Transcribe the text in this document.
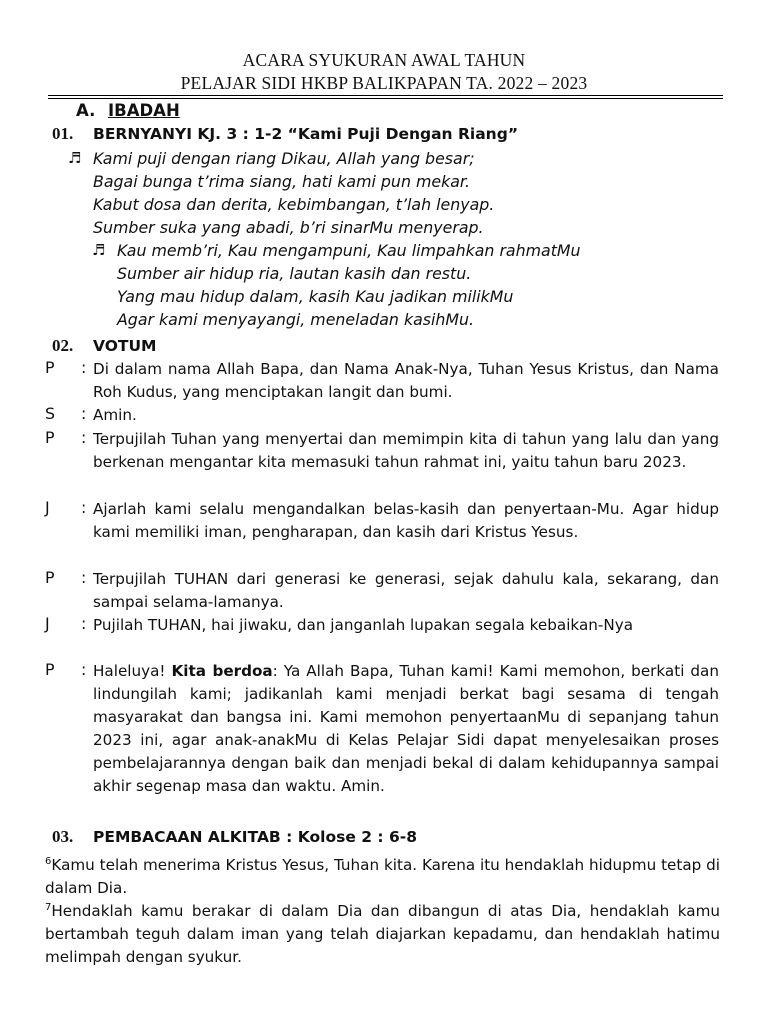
ACARA SYUKURAN AWAL TAHUN
PELAJAR SIDI HKBP BALIKPAPAN TA. 2022 – 2023
A. IBADAH
01. BERNYANYI KJ. 3 : 1-2 “Kami Puji Dengan Riang”
♬ Kami puji dengan riang Dikau, Allah yang besar;
Bagai bunga t’rima siang, hati kami pun mekar.
Kabut dosa dan derita, kebimbangan, t’lah lenyap.
Sumber suka yang abadi, b’ri sinarMu menyerap.
♬ Kau memb’ri, Kau mengampuni, Kau limpahkan rahmatMu
Sumber air hidup ria, lautan kasih dan restu.
Yang mau hidup dalam, kasih Kau jadikan milikMu
Agar kami menyayangi, meneladan kasihMu.
02. VOTUM
P : Di dalam nama Allah Bapa, dan Nama Anak-Nya, Tuhan Yesus Kristus, dan Nama Roh Kudus, yang menciptakan langit dan bumi.

S : Amin.

P : Terpujilah Tuhan yang menyertai dan memimpin kita di tahun yang lalu dan yang berkenan mengantar kita memasuki tahun rahmat ini, yaitu tahun baru 2023.

J : Ajarlah kami selalu mengandalkan belas-kasih dan penyertaan-Mu. Agar hidup kami memiliki iman, pengharapan, dan kasih dari Kristus Yesus.

P : Terpujilah TUHAN dari generasi ke generasi, sejak dahulu kala, sekarang, dan sampai selama-lamanya.

J : Pujilah TUHAN, hai jiwaku, dan janganlah lupakan segala kebaikan-Nya

P : Haleluya! Kita berdoa: Ya Allah Bapa, Tuhan kami! Kami memohon, berkati dan lindungilah kami; jadikanlah kami menjadi berkat bagi sesama di tengah masyarakat dan bangsa ini. Kami memohon penyertaanMu di sepanjang tahun 2023 ini, agar anak-anakMu di Kelas Pelajar Sidi dapat menyelesaikan proses pembelajarannya dengan baik dan menjadi bekal di dalam kehidupannya sampai akhir segenap masa dan waktu. Amin.

03. PEMBACAAN ALKITAB : Kolose 2 : 6-8

$^6$Kamu telah menerima Kristus Yesus, Tuhan kita. Karena itu hendaklah hidupmu tetap di dalam Dia.

$^7$Hendaklah kamu berakar di dalam Dia dan dibangun di atas Dia, hendaklah kamu bertambah teguh dalam iman yang telah diajarkan kepadamu, dan hendaklah hatimu melimpah dengan syukur.
